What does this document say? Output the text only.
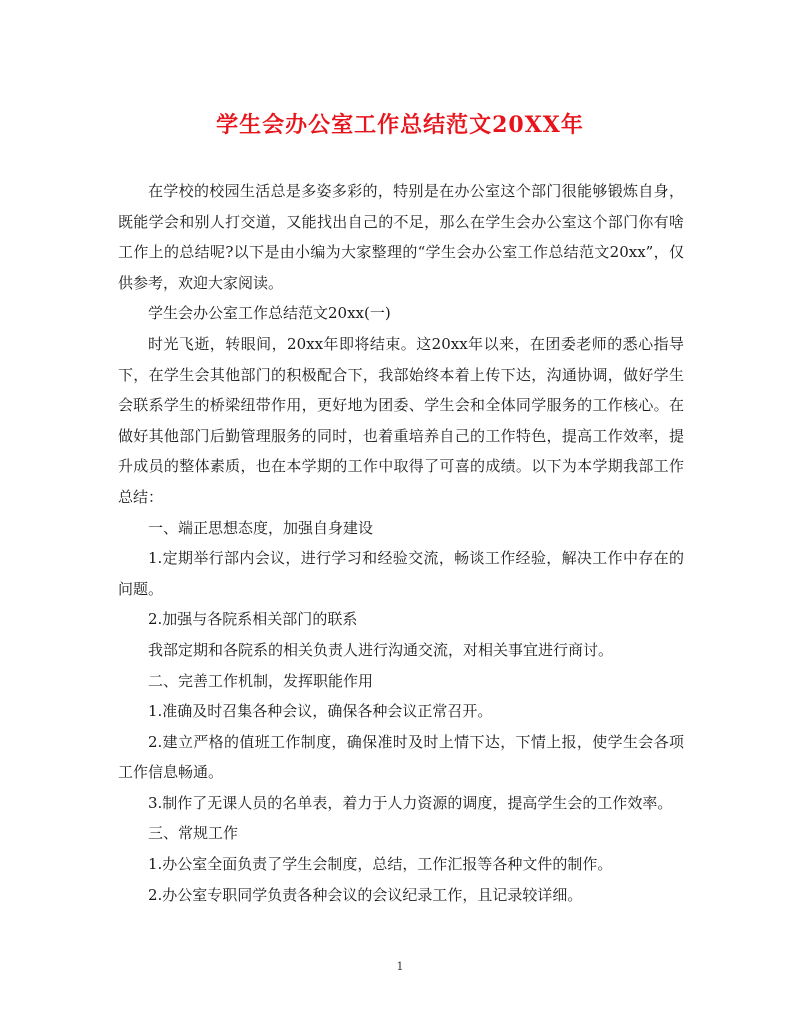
学生会办公室工作总结范文20XX年

在学校的校园生活总是多姿多彩的，特别是在办公室这个部门很能够锻炼自身，既能学会和别人打交道，又能找出自己的不足，那么在学生会办公室这个部门你有啥工作上的总结呢?以下是由小编为大家整理的“学生会办公室工作总结范文20xx”，仅供参考，欢迎大家阅读。

学生会办公室工作总结范文20xx(一)

时光飞逝，转眼间，20xx年即将结束。这20xx年以来，在团委老师的悉心指导下，在学生会其他部门的积极配合下，我部始终本着上传下达，沟通协调，做好学生会联系学生的桥梁纽带作用，更好地为团委、学生会和全体同学服务的工作核心。在做好其他部门后勤管理服务的同时，也着重培养自己的工作特色，提高工作效率，提升成员的整体素质，也在本学期的工作中取得了可喜的成绩。以下为本学期我部工作总结：

一、端正思想态度，加强自身建设

1.定期举行部内会议，进行学习和经验交流，畅谈工作经验，解决工作中存在的问题。

2.加强与各院系相关部门的联系

我部定期和各院系的相关负责人进行沟通交流，对相关事宜进行商讨。

二、完善工作机制，发挥职能作用

1.准确及时召集各种会议，确保各种会议正常召开。

2.建立严格的值班工作制度，确保准时及时上情下达，下情上报，使学生会各项工作信息畅通。

3.制作了无课人员的名单表，着力于人力资源的调度，提高学生会的工作效率。

三、常规工作

1.办公室全面负责了学生会制度，总结，工作汇报等各种文件的制作。

2.办公室专职同学负责各种会议的会议纪录工作，且记录较详细。

1
